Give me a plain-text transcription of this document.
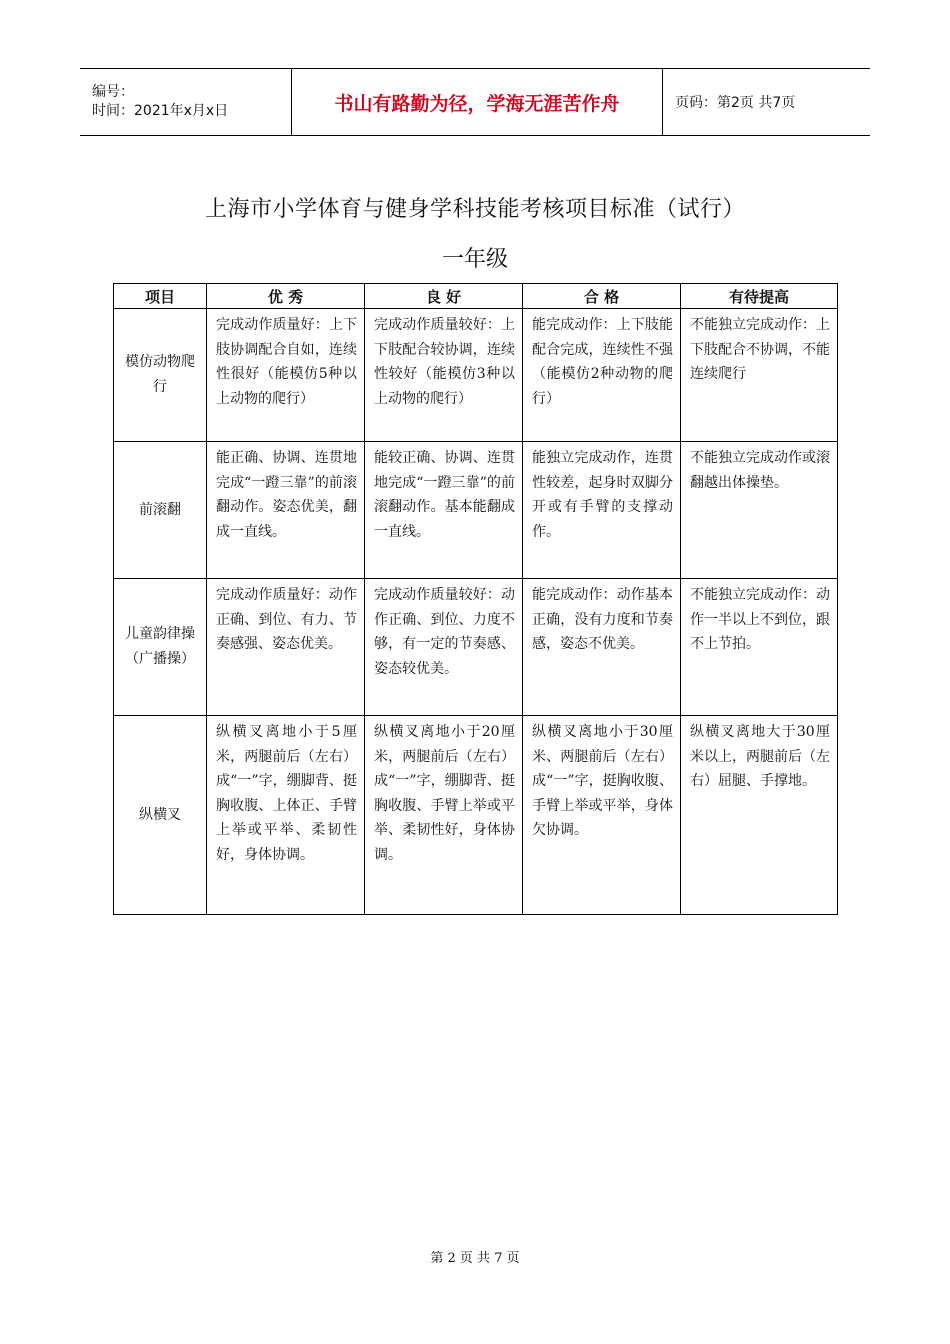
编号：
时间：2021年x月x日	书山有路勤为径，学海无涯苦作舟	页码：第2页 共7页
上海市小学体育与健身学科技能考核项目标准（试行）
一年级
项目	优 秀	良 好	合 格	有待提高
模仿动物爬行	完成动作质量好：上下肢协调配合自如，连续性很好（能模仿5种以上动物的爬行）	完成动作质量较好：上下肢配合较协调，连续性较好（能模仿3种以上动物的爬行）	能完成动作：上下肢能配合完成，连续性不强（能模仿2种动物的爬行）	不能独立完成动作：上下肢配合不协调，不能连续爬行
前滚翻	能正确、协调、连贯地完成“一蹬三靠”的前滚翻动作。姿态优美，翻成一直线。	能较正确、协调、连贯地完成“一蹬三靠”的前滚翻动作。基本能翻成一直线。	能独立完成动作，连贯性较差，起身时双脚分开或有手臂的支撑动作。	不能独立完成动作或滚翻越出体操垫。
儿童韵律操（广播操）	完成动作质量好：动作正确、到位、有力、节奏感强、姿态优美。	完成动作质量较好：动作正确、到位、力度不够，有一定的节奏感、姿态较优美。	能完成动作：动作基本正确，没有力度和节奏感，姿态不优美。	不能独立完成动作：动作一半以上不到位，跟不上节拍。
纵横叉	纵横叉离地小于5厘米，两腿前后（左右）成“一”字，绷脚背、挺胸收腹、上体正、手臂上举或平举、柔韧性好，身体协调。	纵横叉离地小于20厘米，两腿前后（左右）成“一”字，绷脚背、挺胸收腹、手臂上举或平举、柔韧性好，身体协调。	纵横叉离地小于30厘米、两腿前后（左右）成“一”字，挺胸收腹、手臂上举或平举，身体欠协调。	纵横叉离地大于30厘米以上，两腿前后（左右）屈腿、手撑地。
第 2 页 共 7 页
